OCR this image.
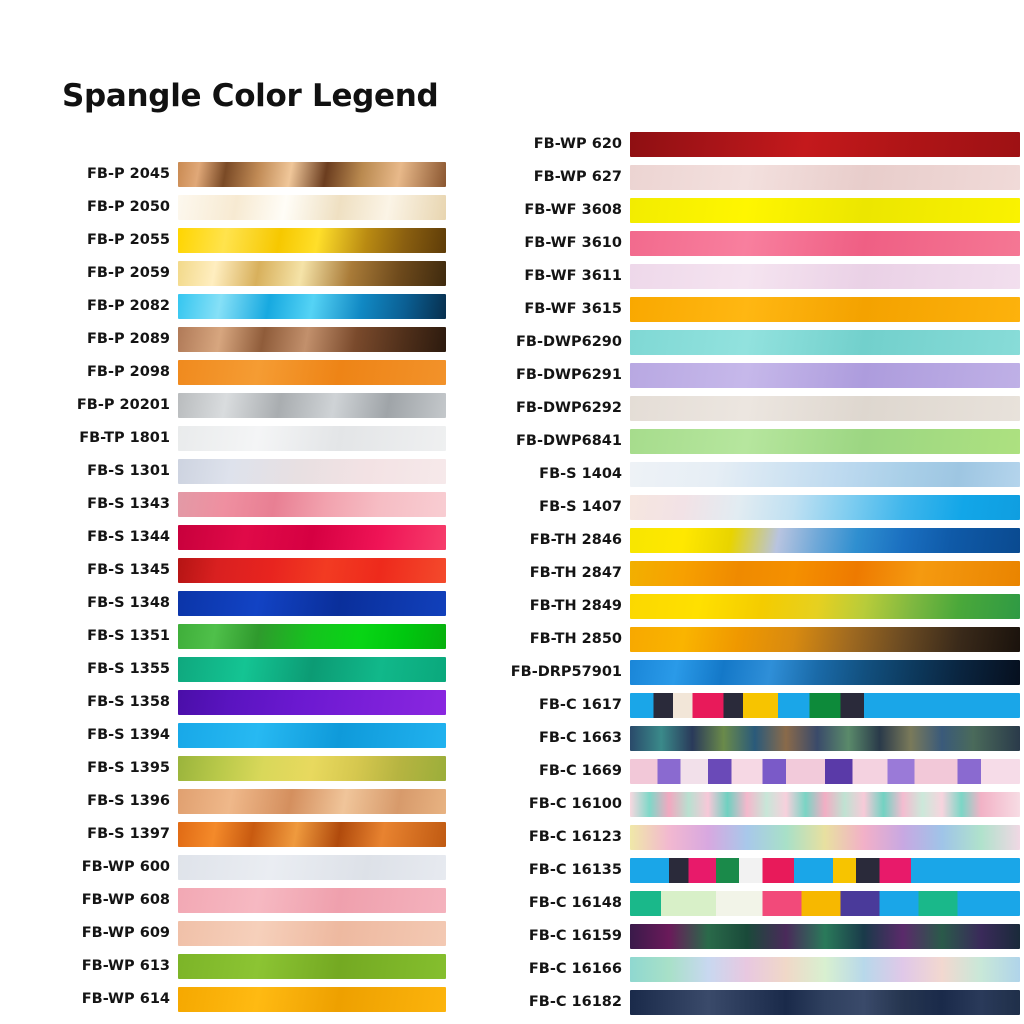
Spangle Color Legend
FB-P 2045
FB-P 2050
FB-P 2055
FB-P 2059
FB-P 2082
FB-P 2089
FB-P 2098
FB-P 20201
FB-TP 1801
FB-S 1301
FB-S 1343
FB-S 1344
FB-S 1345
FB-S 1348
FB-S 1351
FB-S 1355
FB-S 1358
FB-S 1394
FB-S 1395
FB-S 1396
FB-S 1397
FB-WP 600
FB-WP 608
FB-WP 609
FB-WP 613
FB-WP 614
FB-WP 620
FB-WP 627
FB-WF 3608
FB-WF 3610
FB-WF 3611
FB-WF 3615
FB-DWP6290
FB-DWP6291
FB-DWP6292
FB-DWP6841
FB-S 1404
FB-S 1407
FB-TH 2846
FB-TH 2847
FB-TH 2849
FB-TH 2850
FB-DRP57901
FB-C 1617
FB-C 1663
FB-C 1669
FB-C 16100
FB-C 16123
FB-C 16135
FB-C 16148
FB-C 16159
FB-C 16166
FB-C 16182
